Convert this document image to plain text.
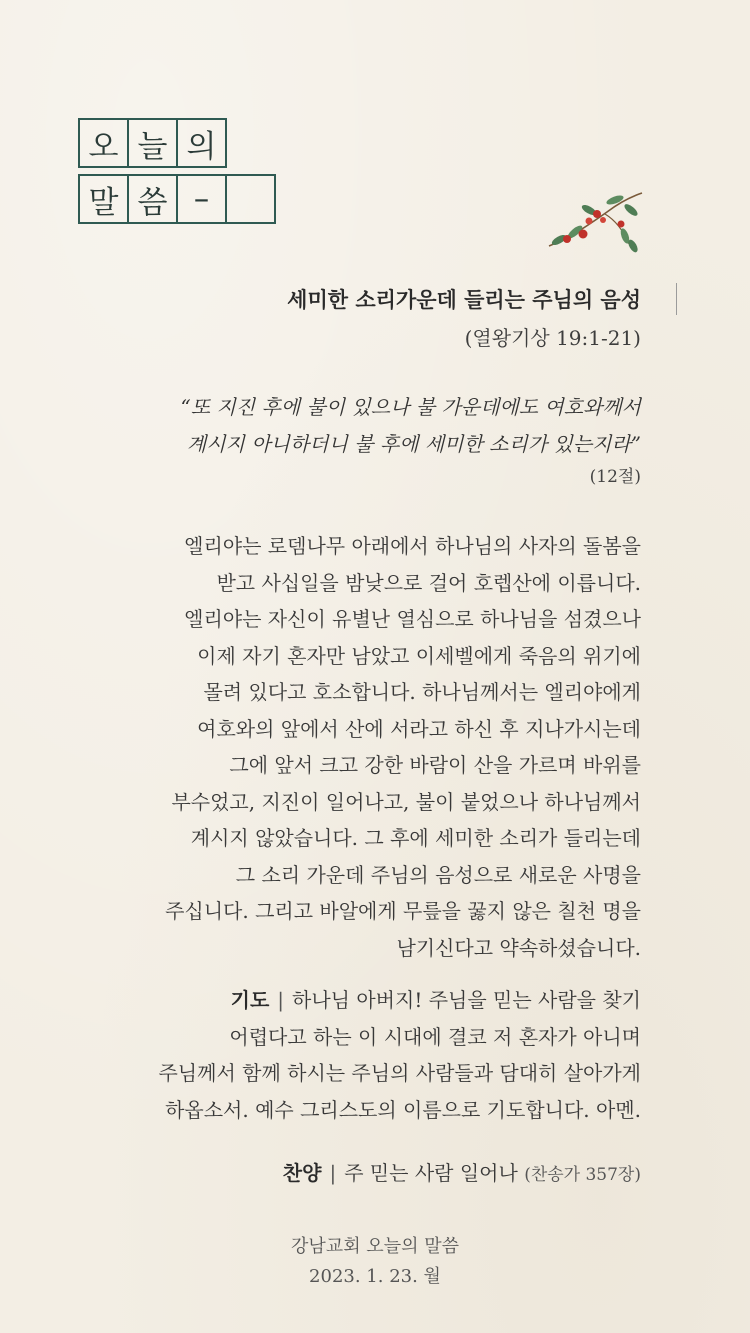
오 늘 의
말 씀 –
세미한 소리가운데 들리는 주님의 음성
(열왕기상 19:1-21)
“또 지진 후에 불이 있으나 불 가운데에도 여호와께서
계시지 아니하더니 불 후에 세미한 소리가 있는지라”
(12절)
엘리야는 로뎀나무 아래에서 하나님의 사자의 돌봄을
받고 사십일을 밤낮으로 걸어 호렙산에 이릅니다.
엘리야는 자신이 유별난 열심으로 하나님을 섬겼으나
이제 자기 혼자만 남았고 이세벨에게 죽음의 위기에
몰려 있다고 호소합니다. 하나님께서는 엘리야에게
여호와의 앞에서 산에 서라고 하신 후 지나가시는데
그에 앞서 크고 강한 바람이 산을 가르며 바위를
부수었고, 지진이 일어나고, 불이 붙었으나 하나님께서
계시지 않았습니다. 그 후에 세미한 소리가 들리는데
그 소리 가운데 주님의 음성으로 새로운 사명을
주십니다. 그리고 바알에게 무릎을 꿇지 않은 칠천 명을
남기신다고 약속하셨습니다.
기도 | 하나님 아버지! 주님을 믿는 사람을 찾기
어렵다고 하는 이 시대에 결코 저 혼자가 아니며
주님께서 함께 하시는 주님의 사람들과 담대히 살아가게
하옵소서. 예수 그리스도의 이름으로 기도합니다. 아멘.
찬양 | 주 믿는 사람 일어나 (찬송가 357장)
강남교회 오늘의 말씀
2023. 1. 23. 월
